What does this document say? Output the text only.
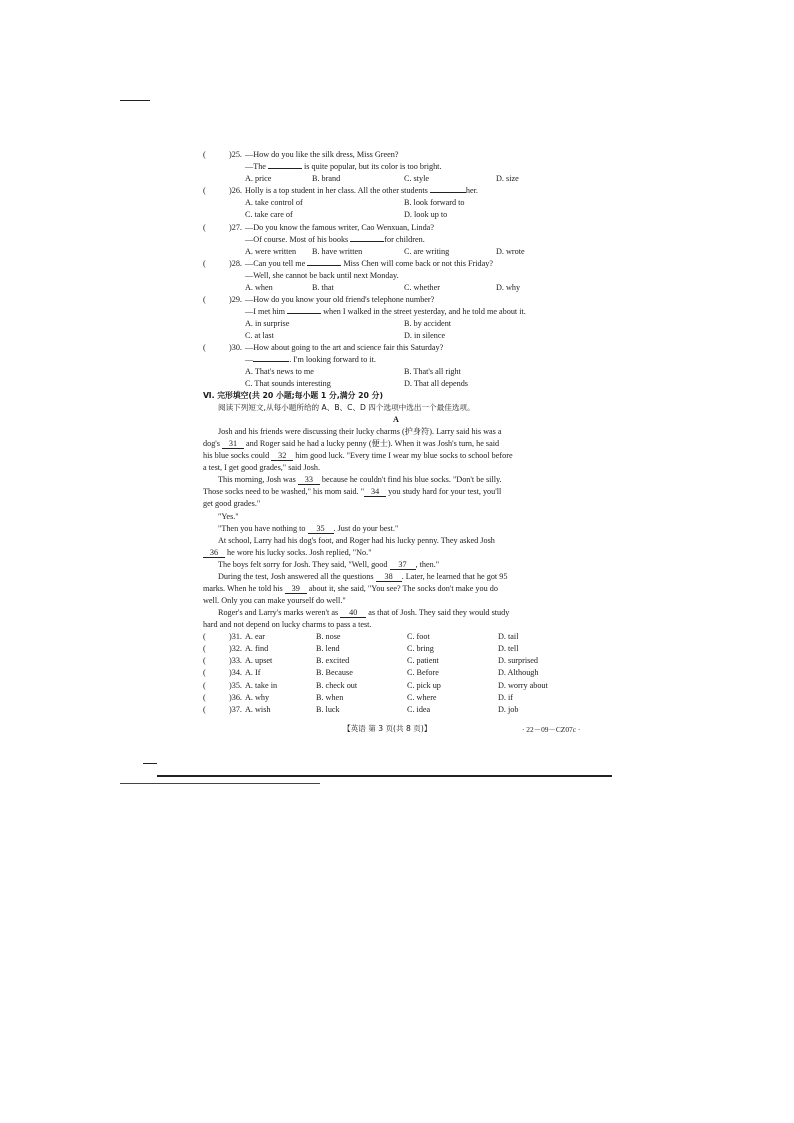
(	)25. —How do you like the silk dress, Miss Green?
—The	is quite popular, but its color is too bright.
A. price	B. brand	C. style	D. size
(	)26. Holly is a top student in her class. All the other students	her.
A. take control of	B. look forward to
C. take care of	D. look up to
(	)27. —Do you know the famous writer, Cao Wenxuan, Linda?
—Of course. Most of his books	for children.
A. were written B. have written	C. are writing	D. wrote
(	)28. —Can you tell me	Miss Chen will come back or not this Friday?
—Well, she cannot be back until next Monday.
A. when	B. that	C. whether	D. why
(	)29. —How do you know your old friend's telephone number?
—I met him	when I walked in the street yesterday, and he told me about it.
A. in surprise	B. by accident
C. at last	D. in silence
(	)30. —How about going to the art and science fair this Saturday?
—	. I'm looking forward to it.
A. That's news to me	B. That's all right
C. That sounds interesting	D. That all depends
Ⅵ. 完形填空(共 20 小题;每小题 1 分,满分 20 分)
阅读下列短文,从每小题所给的 A、B、C、D 四个选项中选出一个最佳选项。
A
Josh and his friends were discussing their lucky charms (护身符). Larry said his was a
dog's 31 and Roger said he had a lucky penny (便士). When it was Josh's turn, he said
his blue socks could 32 him good luck. "Every time I wear my blue socks to school before
a test, I get good grades," said Josh.
This morning, Josh was 33 because he couldn't find his blue socks. "Don't be silly.
Those socks need to be washed," his mom said. " 34 you study hard for your test, you'll
get good grades."
"Yes."
"Then you have nothing to 35 . Just do your best."
At school, Larry had his dog's foot, and Roger had his lucky penny. They asked Josh
36 he wore his lucky socks. Josh replied, "No."
The boys felt sorry for Josh. They said, "Well, good 37 , then."
During the test, Josh answered all the questions 38 . Later, he learned that he got 95
marks. When he told his 39 about it, she said, "You see? The socks don't make you do
well. Only you can make yourself do well."
Roger's and Larry's marks weren't as 40 as that of Josh. They said they would study
hard and not depend on lucky charms to pass a test.
(	)31. A. ear	B. nose	C. foot	D. tail
(	)32. A. find	B. lend	C. bring	D. tell
(	)33. A. upset	B. excited	C. patient	D. surprised
(	)34. A. If	B. Because	C. Before	D. Although
(	)35. A. take in	B. check out	C. pick up	D. worry about
(	)36. A. why	B. when	C. where	D. if
(	)37. A. wish	B. luck	C. idea	D. job
【英语 第 3 页(共 8 页)】	· 22－09－CZ07c ·
